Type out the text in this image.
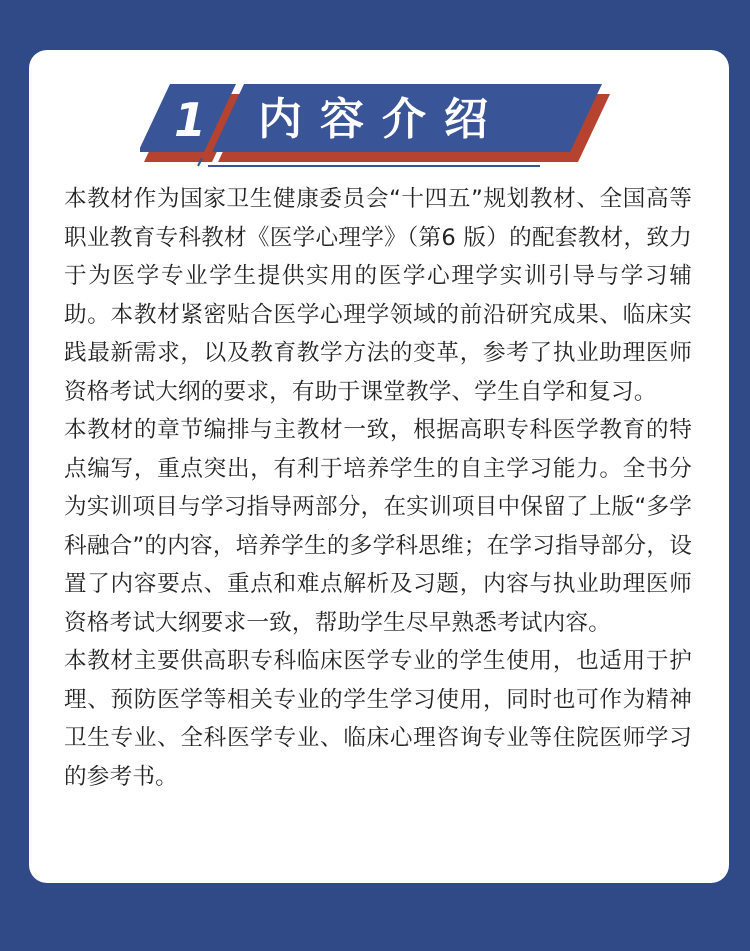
1 内容介绍

本教材作为国家卫生健康委员会“十四五”规划教材、全国高等职业教育专科教材《医学心理学》（第6 版）的配套教材，致力于为医学专业学生提供实用的医学心理学实训引导与学习辅助。本教材紧密贴合医学心理学领域的前沿研究成果、临床实践最新需求，以及教育教学方法的变革，参考了执业助理医师资格考试大纲的要求，有助于课堂教学、学生自学和复习。

本教材的章节编排与主教材一致，根据高职专科医学教育的特点编写，重点突出，有利于培养学生的自主学习能力。全书分为实训项目与学习指导两部分，在实训项目中保留了上版“多学科融合”的内容，培养学生的多学科思维；在学习指导部分，设置了内容要点、重点和难点解析及习题，内容与执业助理医师资格考试大纲要求一致，帮助学生尽早熟悉考试内容。

本教材主要供高职专科临床医学专业的学生使用，也适用于护理、预防医学等相关专业的学生学习使用，同时也可作为精神卫生专业、全科医学专业、临床心理咨询专业等住院医师学习的参考书。
